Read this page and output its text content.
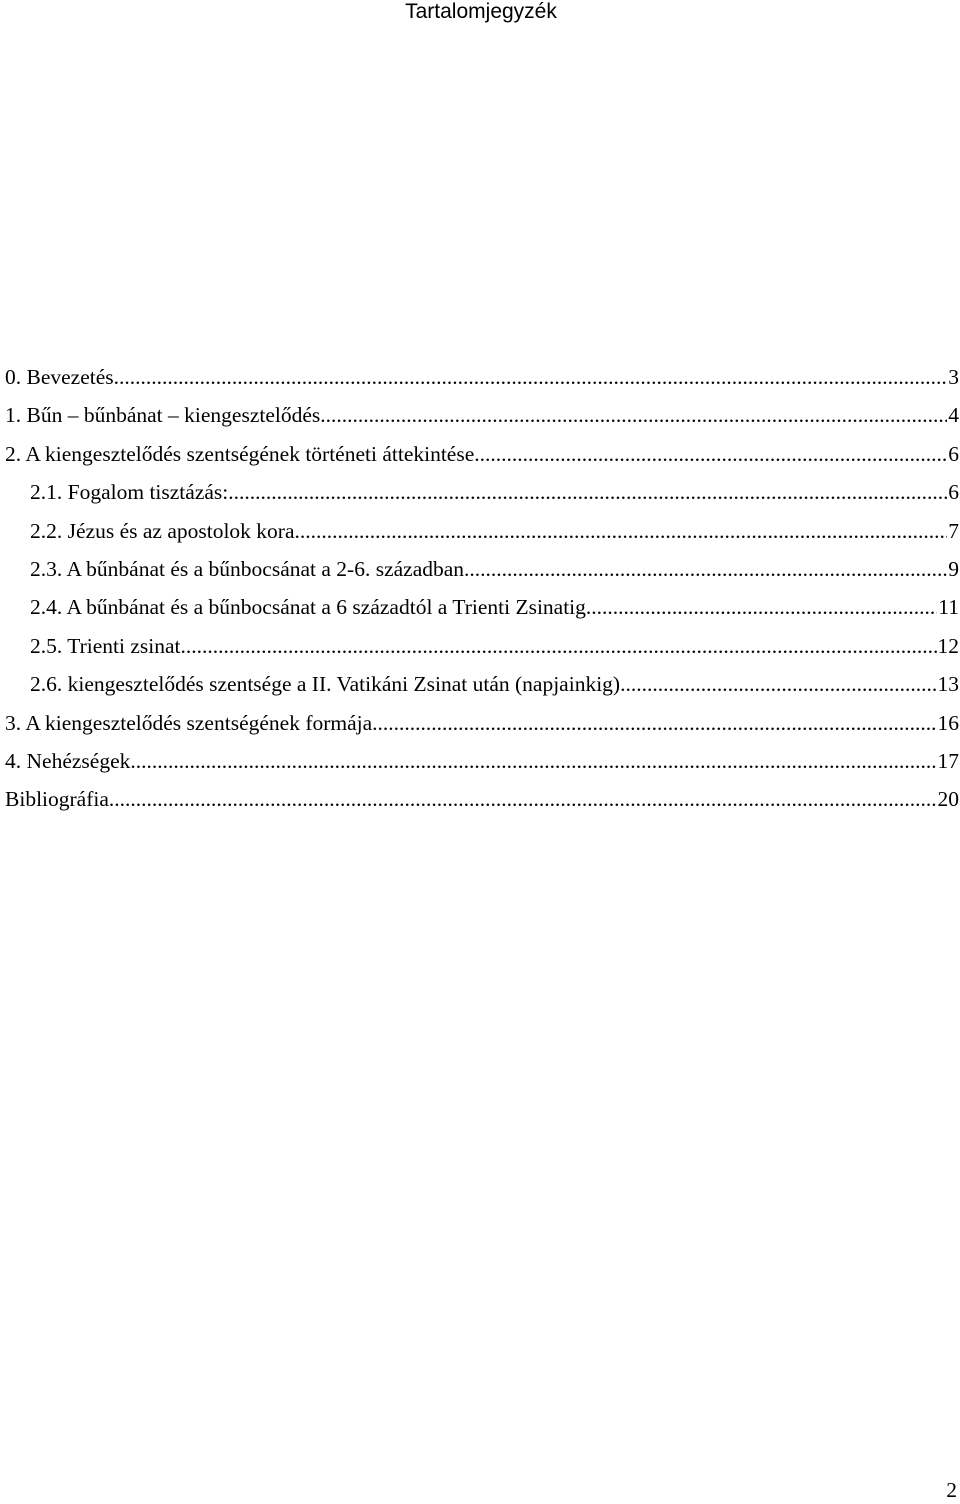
Tartalomjegyzék
0. Bevezetés .....	3
1. Bűn – bűnbánat – kiengesztelődés .....	4
2. A kiengesztelődés szentségének történeti áttekintése .....	6
2.1. Fogalom tisztázás: .....	6
2.2. Jézus és az apostolok kora .....	7
2.3. A bűnbánat és a bűnbocsánat a 2-6. században. .....	9
2.4. A bűnbánat és a bűnbocsánat a 6 századtól a Trienti Zsinatig. .....	11
2.5. Trienti zsinat .....	12
2.6. kiengesztelődés szentsége a II. Vatikáni Zsinat után (napjainkig) .....	13
3. A kiengesztelődés szentségének formája .....	16
4. Nehézségek .....	17
Bibliográfia .....	20
2
